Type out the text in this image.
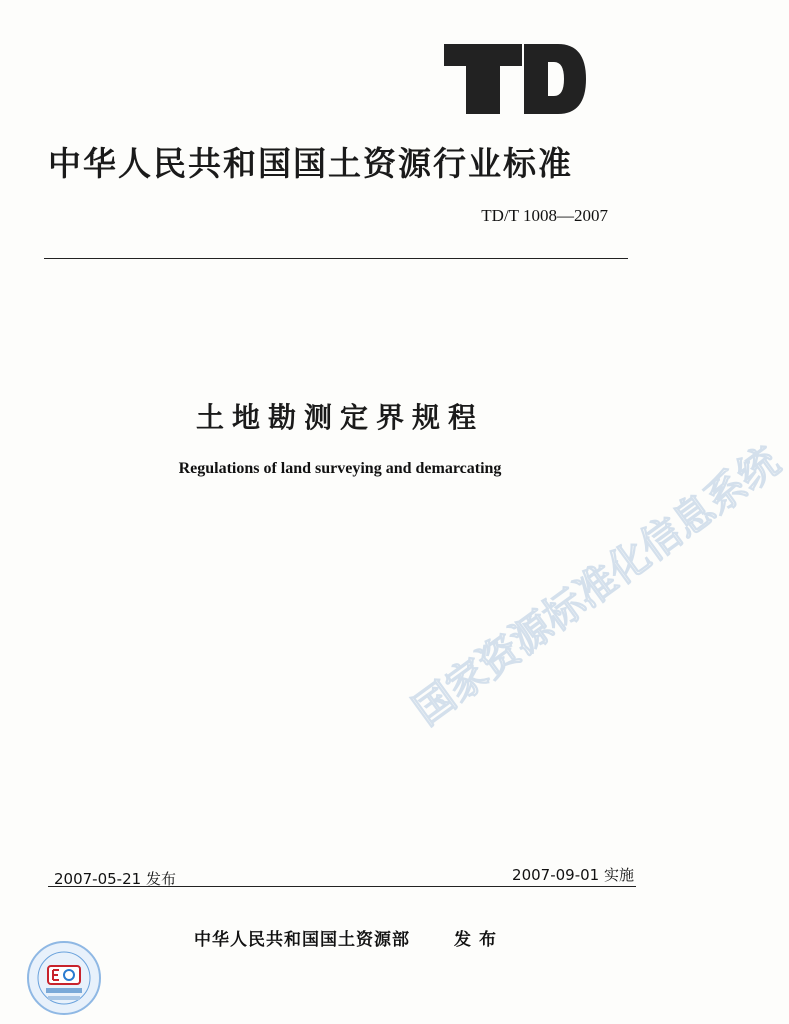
中华人民共和国国土资源行业标准
TD/T 1008—2007
土地勘测定界规程
Regulations of land surveying and demarcating
国家资源标准化信息系统
2007-05-21 发布	2007-09-01 实施
中华人民共和国国土资源部	发布
